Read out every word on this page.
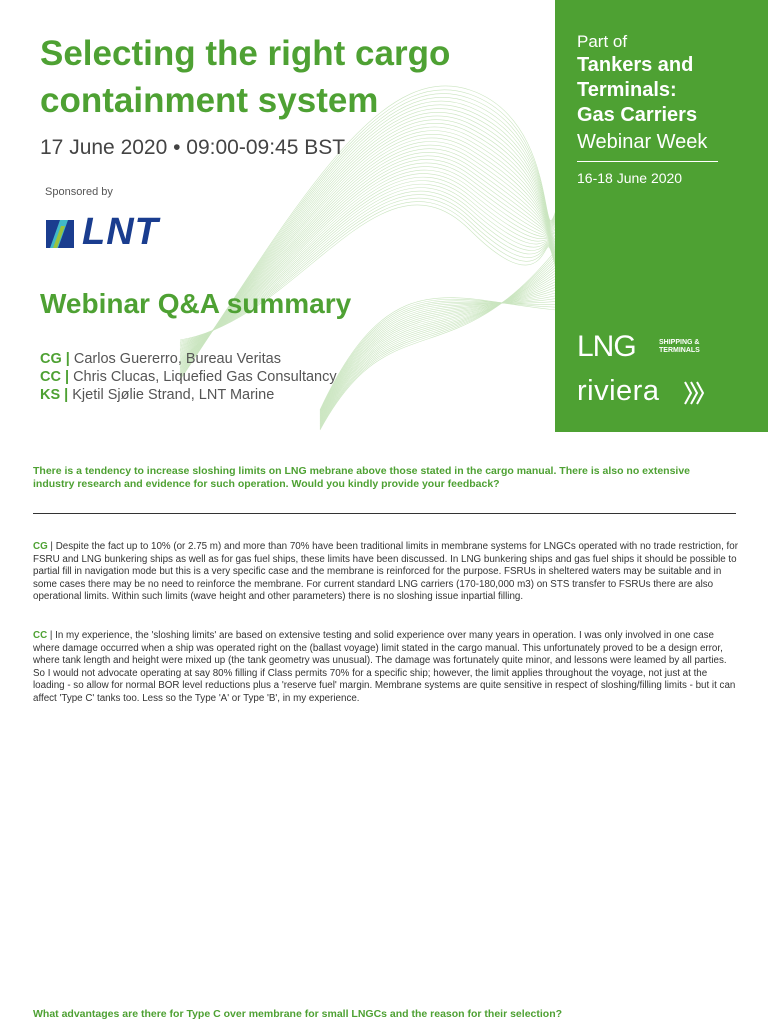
Selecting the right cargo containment system
17 June 2020 • 09:00-09:45 BST
Sponsored by
LNT
Webinar Q&A summary
CG | Carlos Guererro, Bureau Veritas
CC | Chris Clucas, Liquefied Gas Consultancy
KS | Kjetil Sjølie Strand, LNT Marine
Part of
Tankers and
Terminals:
Gas Carriers
Webinar Week
16-18 June 2020
LNG	SHIPPING &
TERMINALS
riviera
There is a tendency to increase sloshing limits on LNG mebrane above those stated in the cargo manual. There is also no extensive industry research and evidence for such operation. Would you kindly provide your feedback?
CG | Despite the fact up to 10% (or 2.75 m) and more than 70% have been traditional limits in membrane systems for LNGCs operated with no trade restriction, for FSRU and LNG bunkering ships as well as for gas fuel ships, these limits have been discussed. In LNG bunkering ships and gas fuel ships it should be possible to partial fill in navigation mode but this is a very specific case and the membrane is reinforced for the purpose. FSRUs in sheltered waters may be suitable and in some cases there may be no need to reinforce the membrane. For current standard LNG carriers (170-180,000 m3) on STS transfer to FSRUs there are also operational limits. Within such limits (wave height and other parameters) there is no sloshing issue inpartial filling.
CC | In my experience, the 'sloshing limits' are based on extensive testing and solid experience over many years in operation. I was only involved in one case where damage occurred when a ship was operated right on the (ballast voyage) limit stated in the cargo manual. This unfortunately proved to be a design error, where tank length and height were mixed up (the tank geometry was unusual). The damage was fortunately quite minor, and lessons were leamed by all parties. So I would not advocate operating at say 80% filling if Class permits 70% for a specific ship; however, the limit applies throughout the voyage, not just at the loading - so allow for normal BOR level reductions plus a 'reserve fuel' margin. Membrane systems are quite sensitive in respect of sloshing/filling limits - but it can affect 'Type C' tanks too. Less so the Type 'A' or Type 'B', in my experience.
What advantages are there for Type C over membrane for small LNGCs and the reason for their selection?
